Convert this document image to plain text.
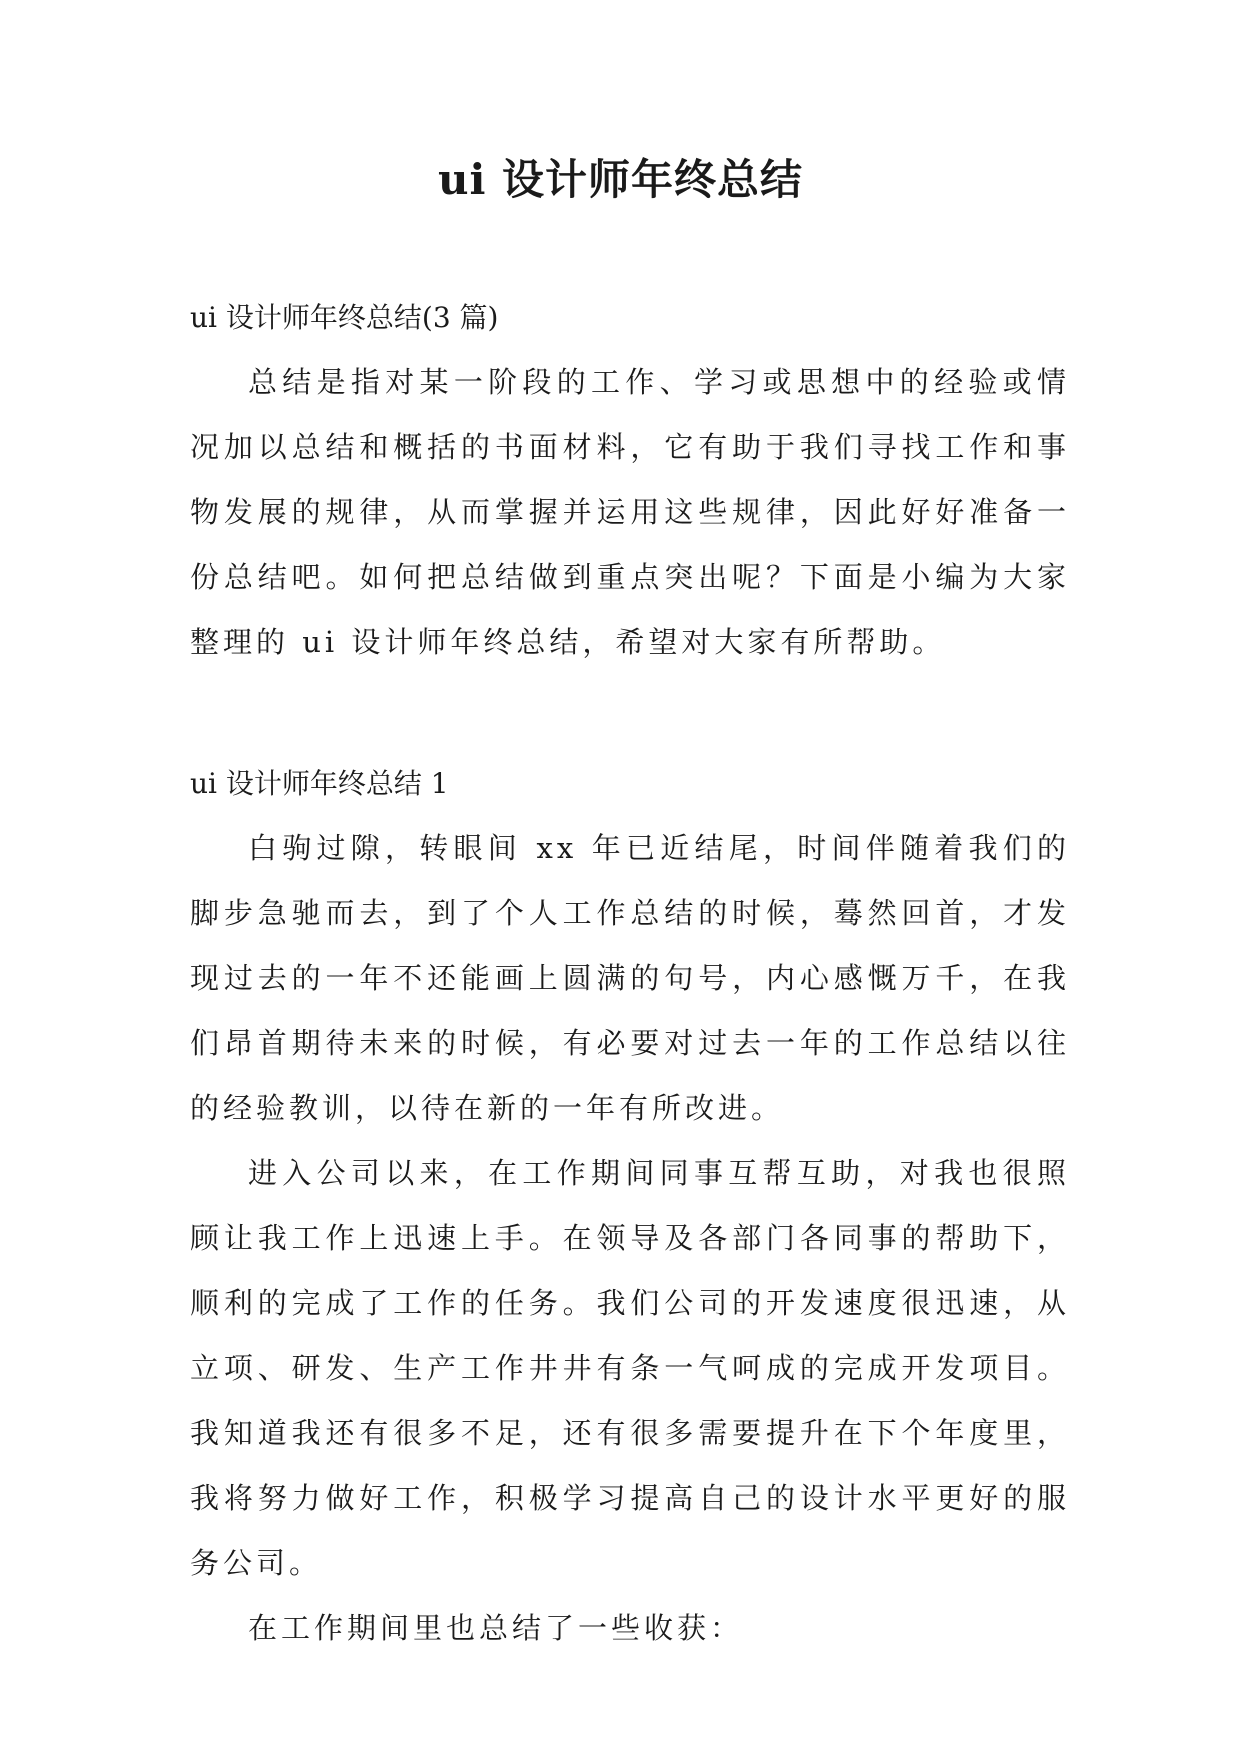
ui 设计师年终总结

ui 设计师年终总结(3 篇)

总结是指对某一阶段的工作、学习或思想中的经验或情况加以总结和概括的书面材料，它有助于我们寻找工作和事物发展的规律，从而掌握并运用这些规律，因此好好准备一份总结吧。如何把总结做到重点突出呢？下面是小编为大家整理的 ui 设计师年终总结，希望对大家有所帮助。

ui 设计师年终总结 1

白驹过隙，转眼间 xx 年已近结尾，时间伴随着我们的脚步急驰而去，到了个人工作总结的时候，蓦然回首，才发现过去的一年不还能画上圆满的句号，内心感慨万千，在我们昂首期待未来的时候，有必要对过去一年的工作总结以往的经验教训，以待在新的一年有所改进。

进入公司以来，在工作期间同事互帮互助，对我也很照顾让我工作上迅速上手。在领导及各部门各同事的帮助下，顺利的完成了工作的任务。我们公司的开发速度很迅速，从立项、研发、生产工作井井有条一气呵成的完成开发项目。我知道我还有很多不足，还有很多需要提升在下个年度里，我将努力做好工作，积极学习提高自己的设计水平更好的服务公司。

在工作期间里也总结了一些收获：
